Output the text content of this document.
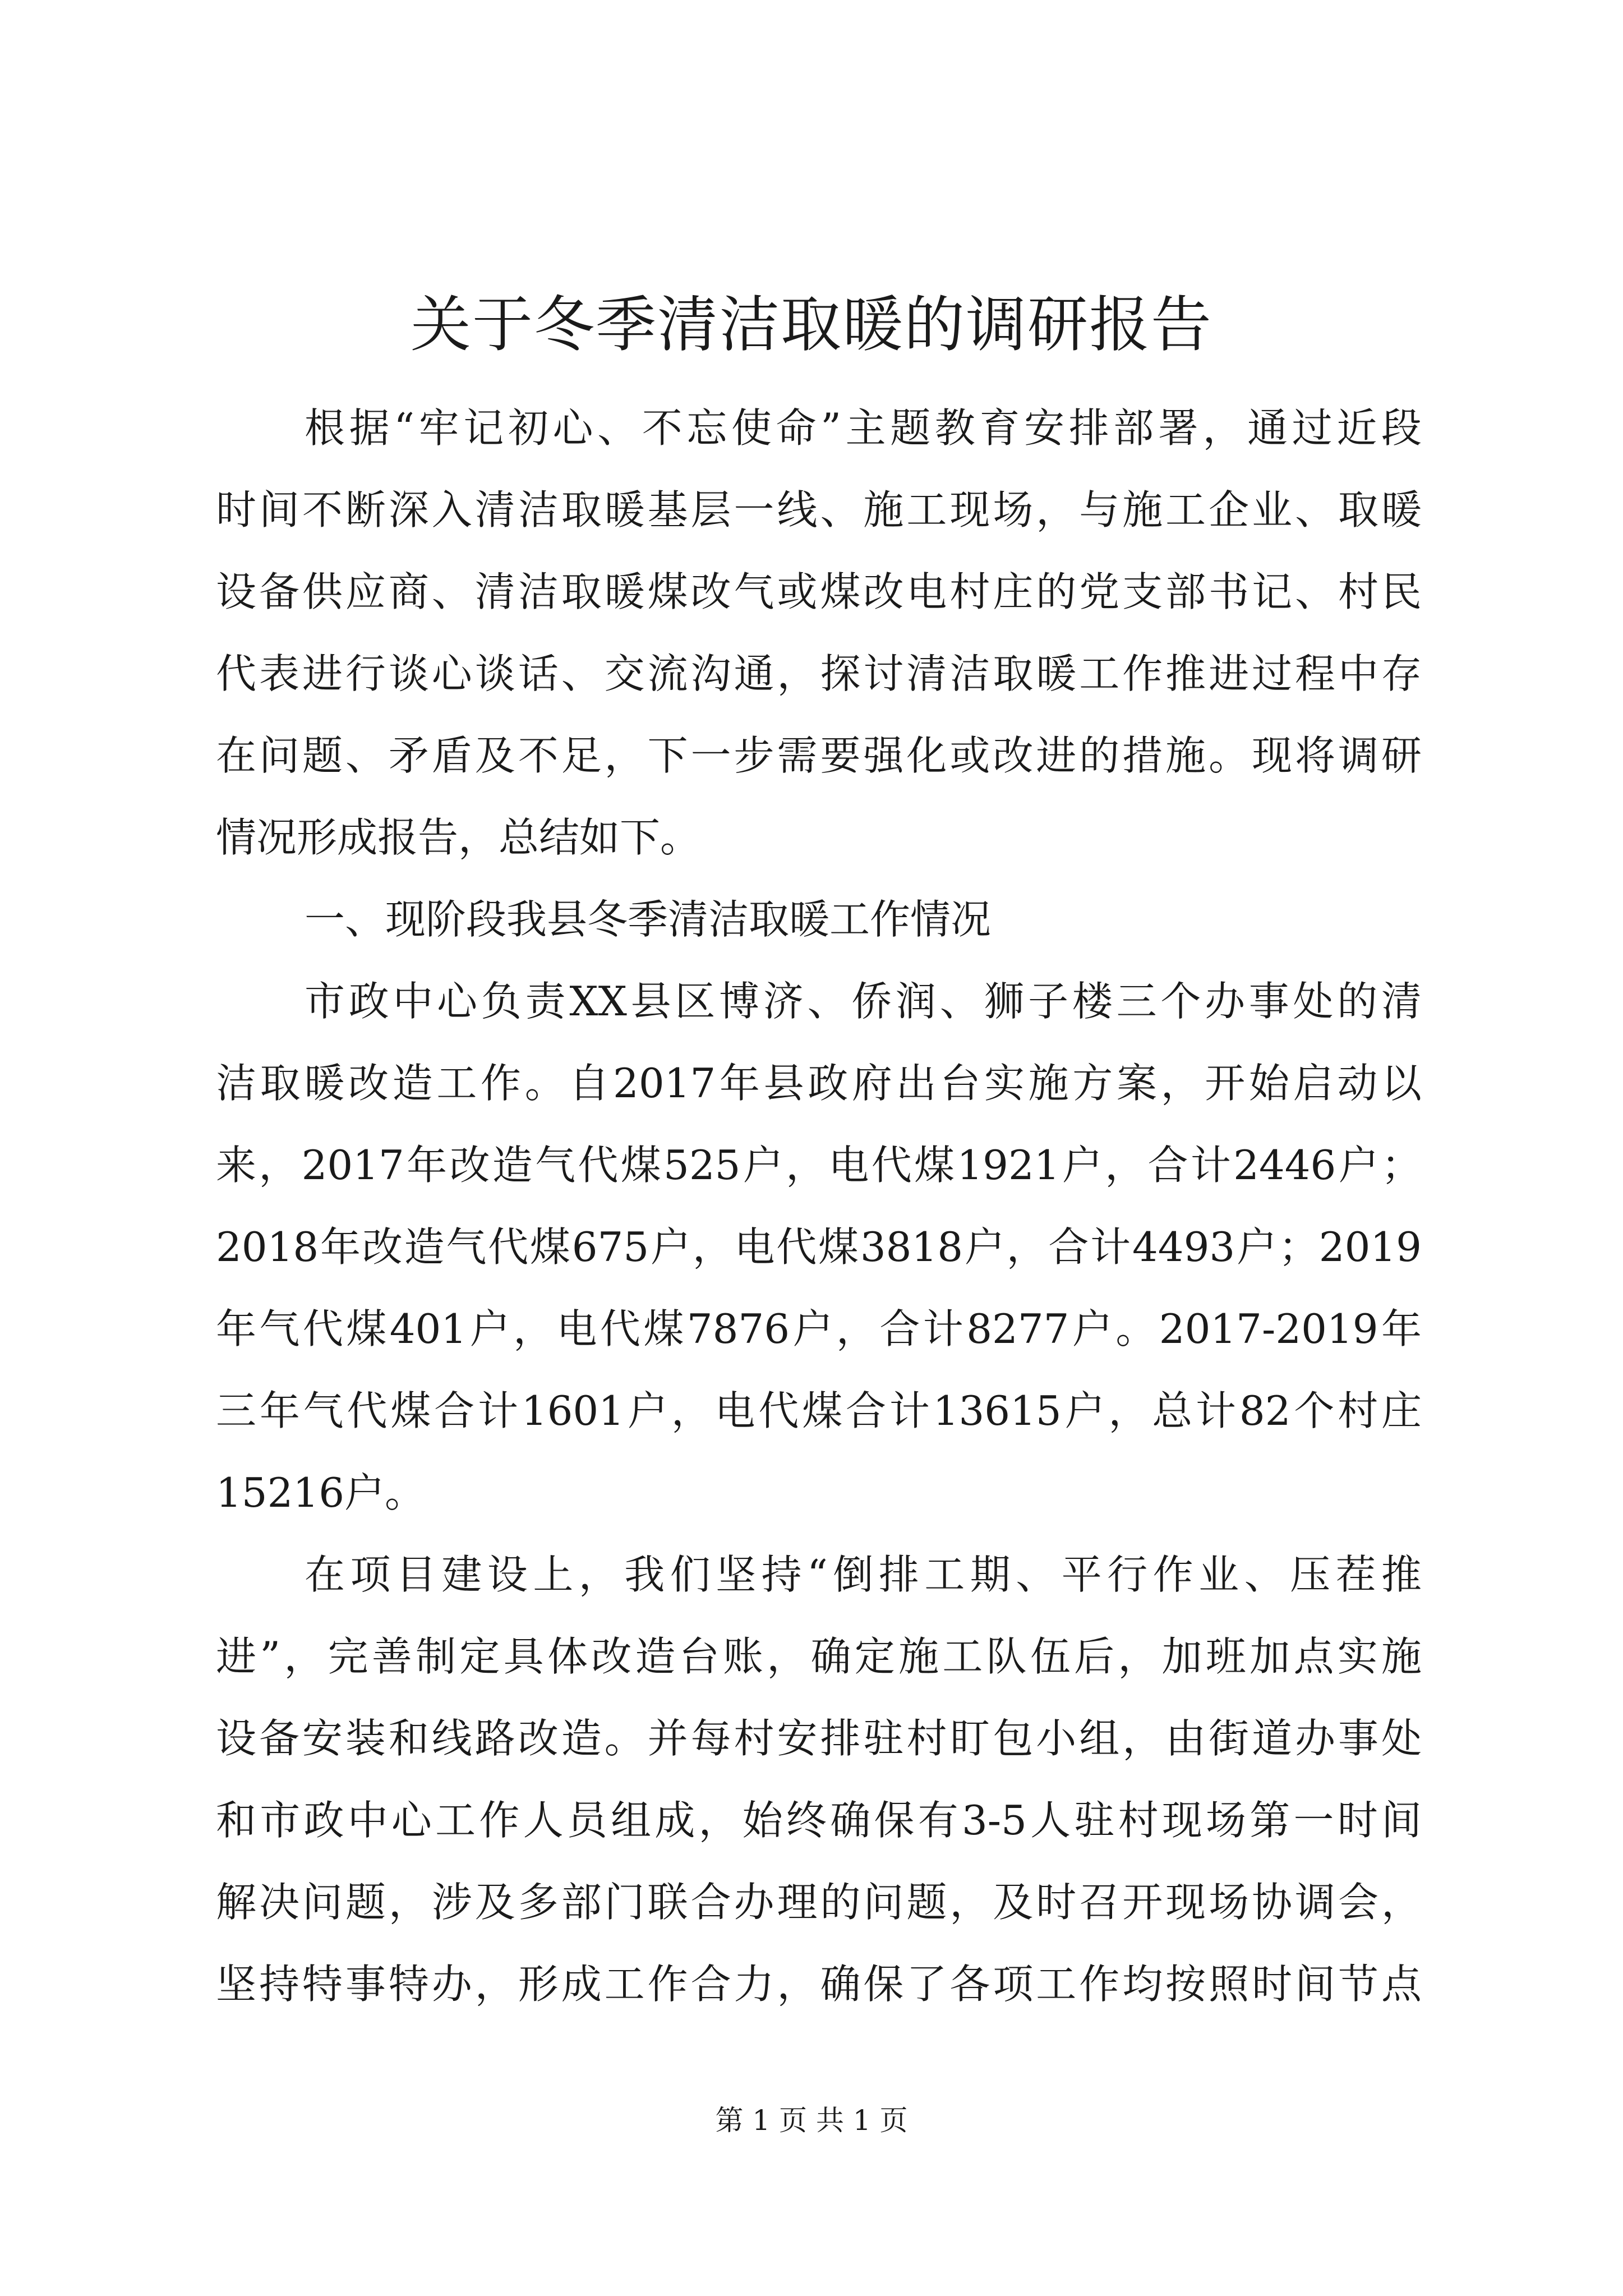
关于冬季清洁取暖的调研报告
根据“牢记初心、不忘使命”主题教育安排部署，通过近段
时间不断深入清洁取暖基层一线、施工现场，与施工企业、取暖
设备供应商、清洁取暖煤改气或煤改电村庄的党支部书记、村民
代表进行谈心谈话、交流沟通，探讨清洁取暖工作推进过程中存
在问题、矛盾及不足，下一步需要强化或改进的措施。现将调研
情况形成报告，总结如下。
一、现阶段我县冬季清洁取暖工作情况
市政中心负责XX县区博济、侨润、狮子楼三个办事处的清
洁取暖改造工作。自2017年县政府出台实施方案，开始启动以
来，2017年改造气代煤525户，电代煤1921户，合计2446户；
2018年改造气代煤675户，电代煤3818户，合计4493户；2019
年气代煤401户，电代煤7876户，合计8277户。2017-2019年
三年气代煤合计1601户，电代煤合计13615户，总计82个村庄
15216户。
在项目建设上，我们坚持“倒排工期、平行作业、压茬推
进”，完善制定具体改造台账，确定施工队伍后，加班加点实施
设备安装和线路改造。并每村安排驻村盯包小组，由街道办事处
和市政中心工作人员组成，始终确保有3-5人驻村现场第一时间
解决问题，涉及多部门联合办理的问题，及时召开现场协调会，
坚持特事特办，形成工作合力，确保了各项工作均按照时间节点
第 1 页 共 1 页
